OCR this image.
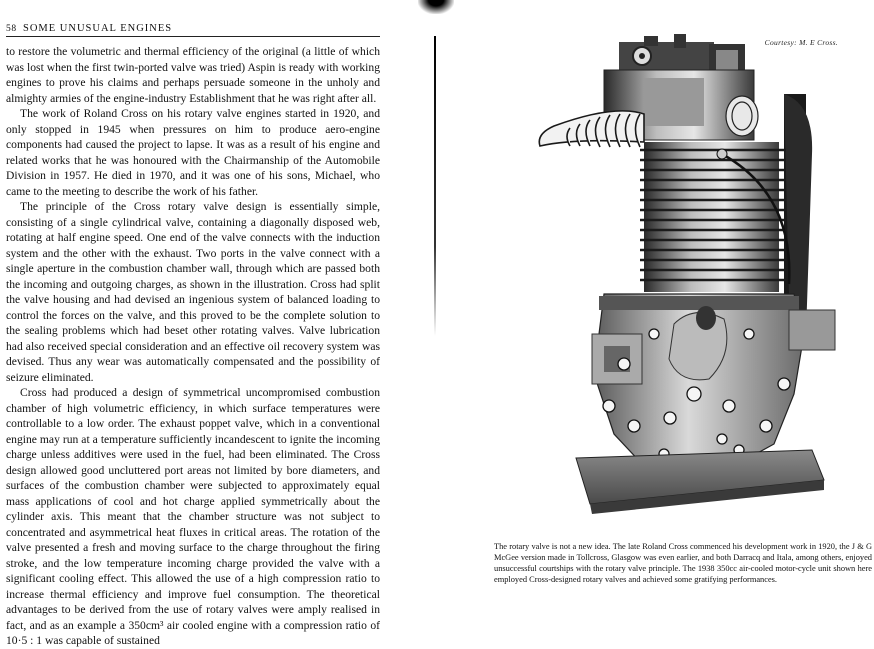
58 SOME UNUSUAL ENGINES

to restore the volumetric and thermal efficiency of the original (a little of which was lost when the first twin-ported valve was tried) Aspin is ready with working engines to prove his claims and perhaps persuade someone in the unholy and almighty armies of the engine-industry Establishment that he was right after all.

The work of Roland Cross on his rotary valve engines started in 1920, and only stopped in 1945 when pressures on him to produce aero-engine components had caused the project to lapse. It was as a result of his engine and related works that he was honoured with the Chairmanship of the Automobile Division in 1957. He died in 1970, and it was one of his sons, Michael, who came to the meeting to describe the work of his father.

The principle of the Cross rotary valve design is essentially simple, consisting of a single cylindrical valve, containing a diagonally disposed web, rotating at half engine speed. One end of the valve connects with the induction system and the other with the exhaust. Two ports in the valve connect with a single aperture in the combustion chamber wall, through which are passed both the incoming and outgoing charges, as shown in the illustration. Cross had split the valve housing and had devised an ingenious system of balanced loading to control the forces on the valve, and this proved to be the complete solution to the sealing problems which had beset other rotating valves. Valve lubrication had also received special consideration and an effective oil recovery system was devised. Thus any wear was automatically compensated and the possibility of seizure eliminated.

Cross had produced a design of symmetrical uncompromised combustion chamber of high volumetric efficiency, in which surface temperatures were controllable to a low order. The exhaust poppet valve, which in a conventional engine may run at a temperature sufficiently incandescent to ignite the incoming charge unless additives were used in the fuel, had been eliminated. The Cross design allowed good uncluttered port areas not limited by bore diameters, and surfaces of the combustion chamber were subjected to approximately equal mass applications of cool and hot charge applied symmetrically about the cylinder axis. This meant that the chamber structure was not subject to concentrated and asymmetrical heat fluxes in critical areas. The rotation of the valve presented a fresh and moving surface to the charge throughout the firing stroke, and the low temperature incoming charge provided the valve with a significant cooling effect. This allowed the use of a high compression ratio to increase thermal efficiency and improve fuel consumption. The theoretical advantages to be derived from the use of rotary valves were amply realised in fact, and as an example a 350cm³ air cooled engine with a compression ratio of 10·5 : 1 was capable of sustained

Courtesy: M. E Cross.
The rotary valve is not a new idea. The late Roland Cross commenced his development work in 1920, the J & G McGee version made in Tollcross, Glasgow was even earlier, and both Darracq and Itala, among others, enjoyed unsuccessful courtships with the rotary valve principle. The 1938 350cc air-cooled motor-cycle unit shown here employed Cross-designed rotary valves and achieved some gratifying performances.
